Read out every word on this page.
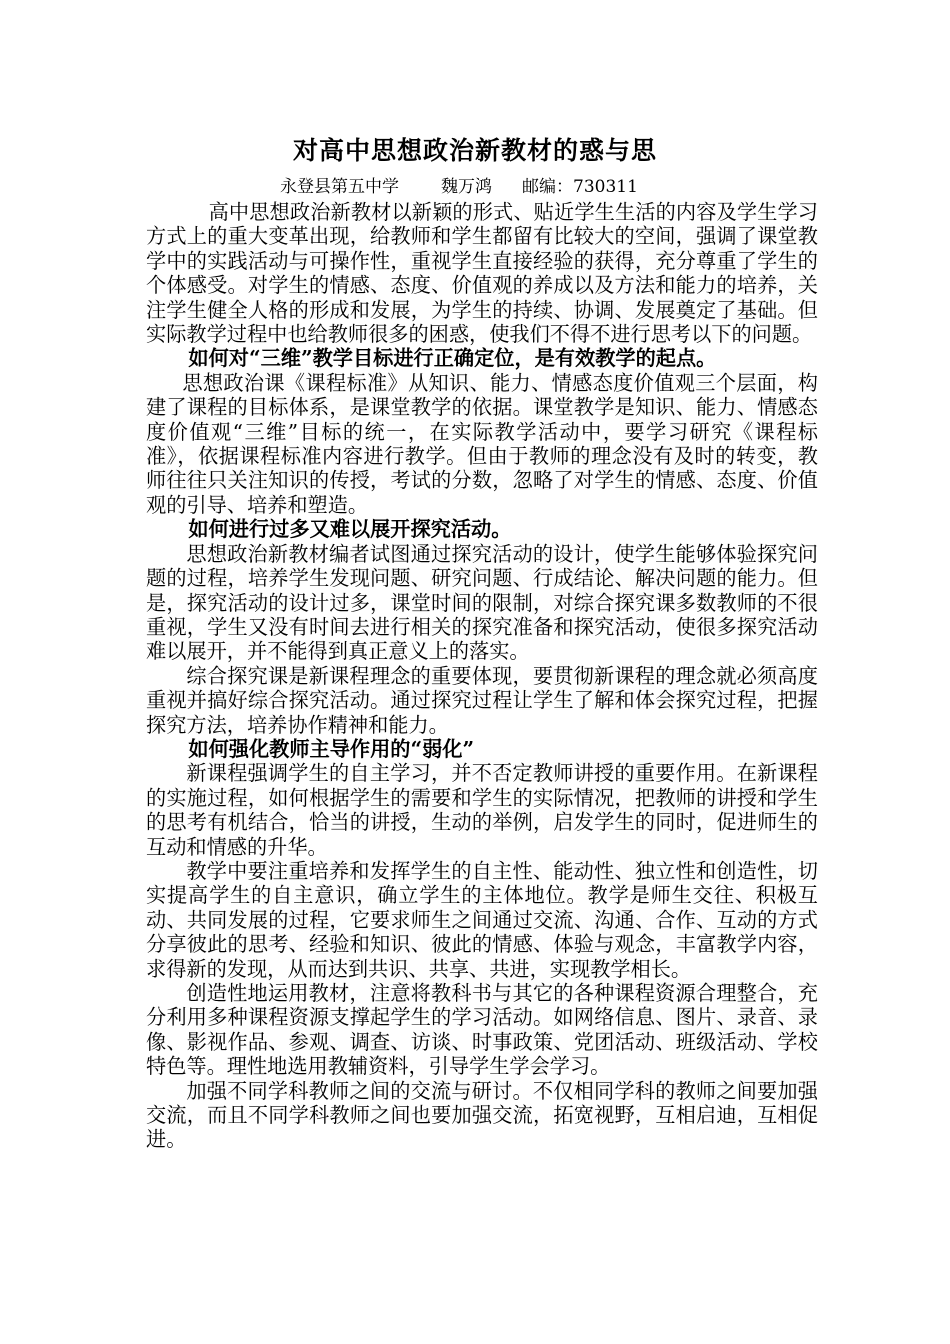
对高中思想政治新教材的惑与思
永登县第五中学 魏万鸿 邮编：730311

高中思想政治新教材以新颖的形式、贴近学生生活的内容及学生学习方式上的重大变革出现，给教师和学生都留有比较大的空间，强调了课堂教学中的实践活动与可操作性，重视学生直接经验的获得，充分尊重了学生的个体感受。对学生的情感、态度、价值观的养成以及方法和能力的培养，关注学生健全人格的形成和发展，为学生的持续、协调、发展奠定了基础。但实际教学过程中也给教师很多的困惑，使我们不得不进行思考以下的问题。

如何对“三维”教学目标进行正确定位，是有效教学的起点。

思想政治课《课程标准》从知识、能力、情感态度价值观三个层面，构建了课程的目标体系，是课堂教学的依据。课堂教学是知识、能力、情感态度价值观“三维”目标的统一，在实际教学活动中，要学习研究《课程标准》，依据课程标准内容进行教学。但由于教师的理念没有及时的转变，教师往往只关注知识的传授，考试的分数，忽略了对学生的情感、态度、价值观的引导、培养和塑造。

如何进行过多又难以展开探究活动。

思想政治新教材编者试图通过探究活动的设计，使学生能够体验探究问题的过程，培养学生发现问题、研究问题、行成结论、解决问题的能力。但是，探究活动的设计过多，课堂时间的限制，对综合探究课多数教师的不很重视，学生又没有时间去进行相关的探究准备和探究活动，使很多探究活动难以展开，并不能得到真正意义上的落实。

综合探究课是新课程理念的重要体现，要贯彻新课程的理念就必须高度重视并搞好综合探究活动。通过探究过程让学生了解和体会探究过程，把握探究方法，培养协作精神和能力。

如何强化教师主导作用的“弱化”

新课程强调学生的自主学习，并不否定教师讲授的重要作用。在新课程的实施过程，如何根据学生的需要和学生的实际情况，把教师的讲授和学生的思考有机结合，恰当的讲授，生动的举例，启发学生的同时，促进师生的互动和情感的升华。

教学中要注重培养和发挥学生的自主性、能动性、独立性和创造性，切实提高学生的自主意识，确立学生的主体地位。教学是师生交往、积极互动、共同发展的过程，它要求师生之间通过交流、沟通、合作、互动的方式分享彼此的思考、经验和知识、彼此的情感、体验与观念，丰富教学内容，求得新的发现，从而达到共识、共享、共进，实现教学相长。

创造性地运用教材，注意将教科书与其它的各种课程资源合理整合，充分利用多种课程资源支撑起学生的学习活动。如网络信息、图片、录音、录像、影视作品、参观、调查、访谈、时事政策、党团活动、班级活动、学校特色等。理性地选用教辅资料，引导学生学会学习。

加强不同学科教师之间的交流与研讨。不仅相同学科的教师之间要加强交流，而且不同学科教师之间也要加强交流，拓宽视野，互相启迪，互相促进。
